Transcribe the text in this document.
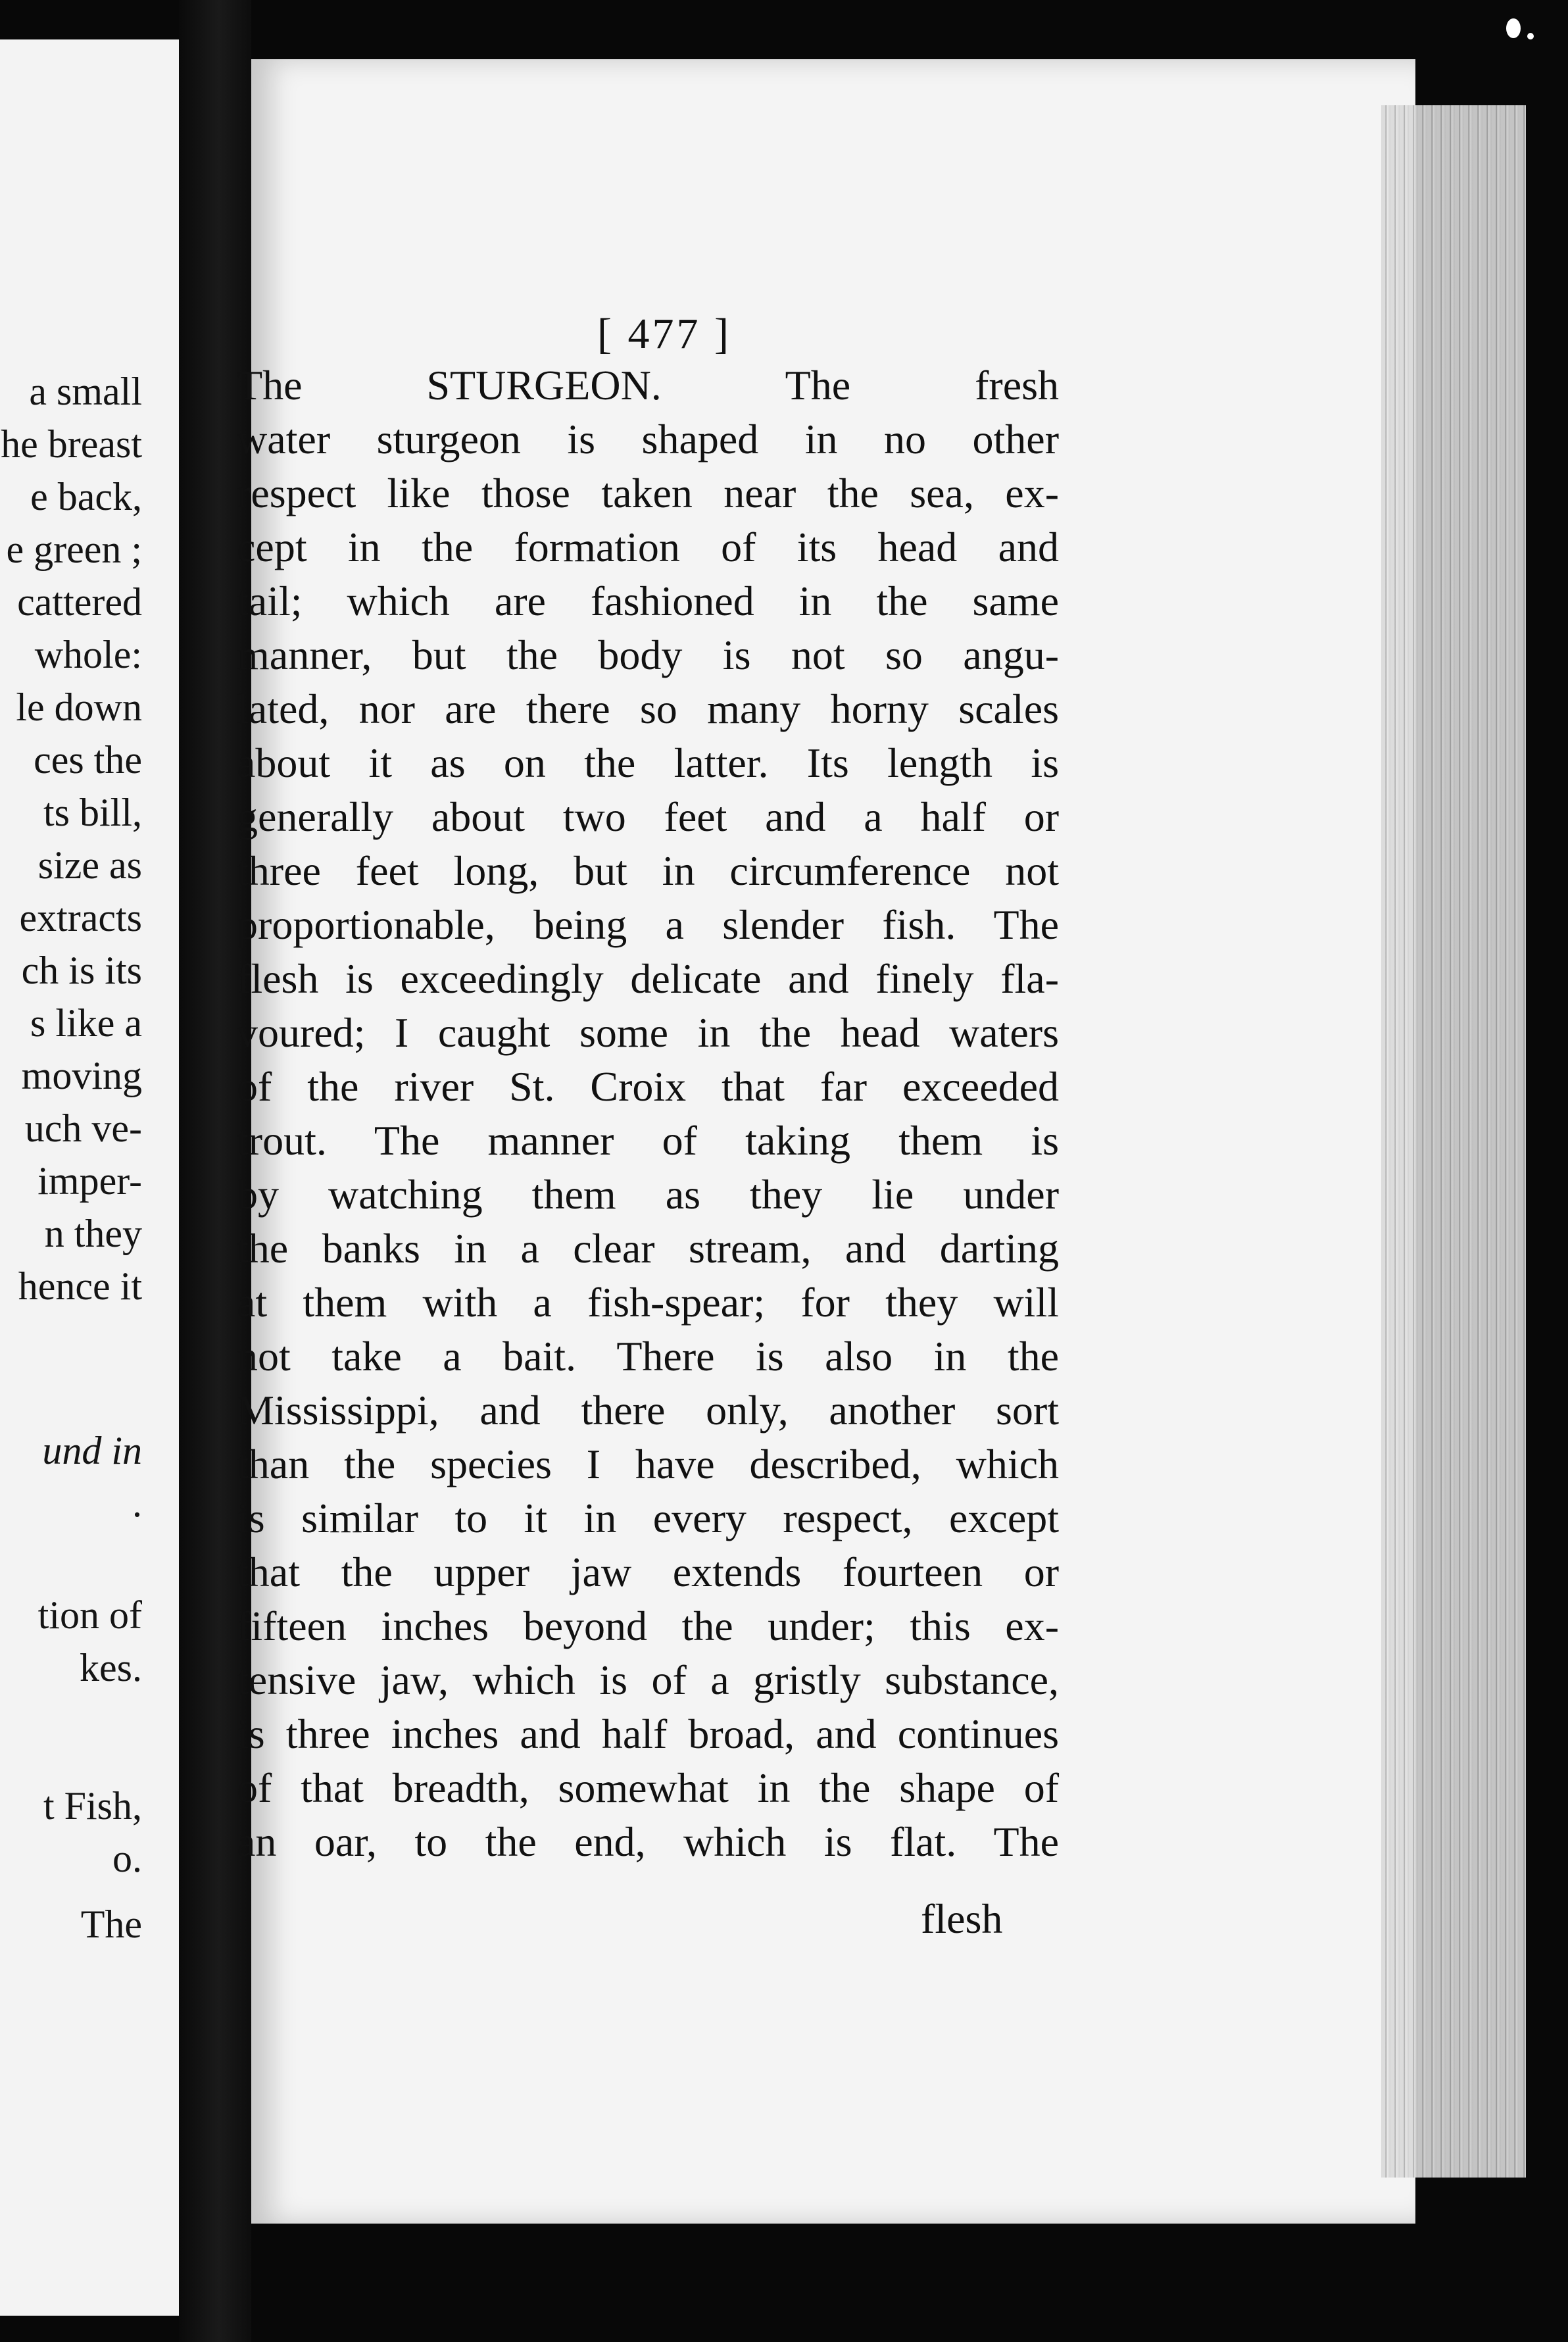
a small
he breast
e back,
e green ;
cattered
whole:
le down
ces the
ts bill,
size as
extracts
ch is its
s like a
moving
uch ve-
imper-
n they
hence it
und in
.
tion of
kes.
t Fish,
o.
The
[ 477 ]
The STURGEON. The fresh
water sturgeon is shaped in no other
respect like those taken near the sea, ex-
cept in the formation of its head and
tail; which are fashioned in the same
manner, but the body is not so angu-
lated, nor are there so many horny scales
about it as on the latter. Its length is
generally about two feet and a half or
three feet long, but in circumference not
proportionable, being a slender fish. The
flesh is exceedingly delicate and finely fla-
voured; I caught some in the head waters
of the river St. Croix that far exceeded
trout. The manner of taking them is
by watching them as they lie under
the banks in a clear stream, and darting
at them with a fish-spear; for they will
not take a bait. There is also in the
Mississippi, and there only, another sort
than the species I have described, which
is similar to it in every respect, except
that the upper jaw extends fourteen or
fifteen inches beyond the under; this ex-
tensive jaw, which is of a gristly substance,
is three inches and half broad, and continues
of that breadth, somewhat in the shape of
an oar, to the end, which is flat. The
flesh
